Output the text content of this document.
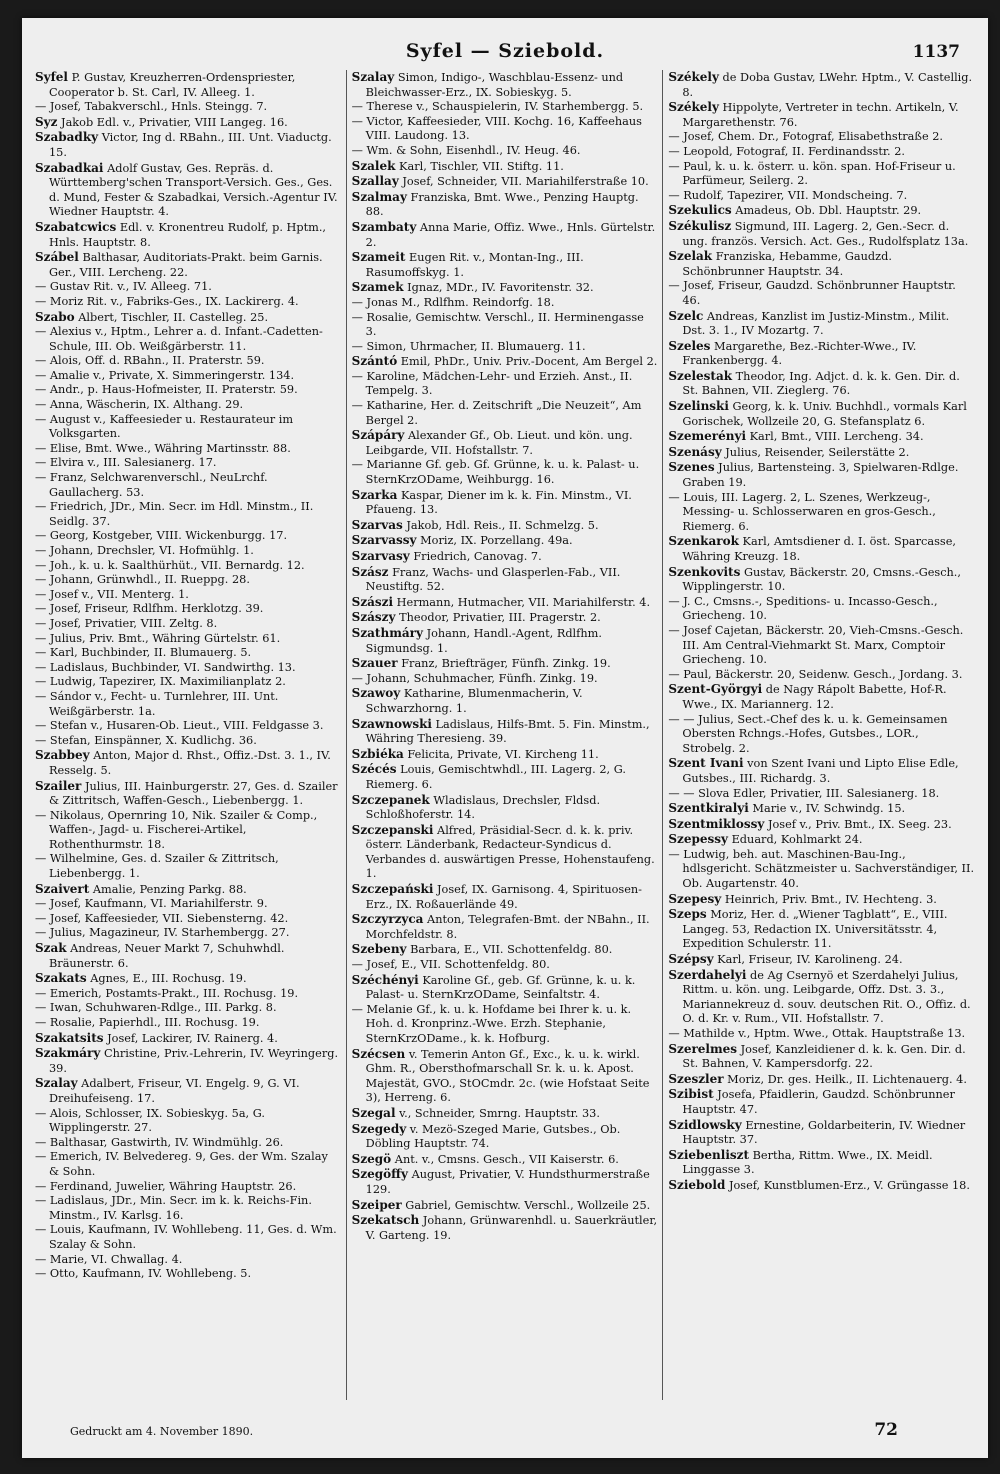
Syfel — Sziebold.	1137

Syfel P. Gustav, Kreuzherren-Ordenspriester, Cooperator b. St. Carl, IV. Alleeg. 1.

— Josef, Tabakverschl., Hnls. Steingg. 7.

Syz Jakob Edl. v., Privatier, VIII Langeg. 16.

Szabadky Victor, Ing d. RBahn., III. Unt. Viaductg. 15.

Szabadkai Adolf Gustav, Ges. Repräs. d. Württemberg'schen Transport-Versich. Ges., Ges. d. Mund, Fester & Szabadkai, Versich.-Agentur IV. Wiedner Hauptstr. 4.

Szabatcwics Edl. v. Kronentreu Rudolf, p. Hptm., Hnls. Hauptstr. 8.

Szábel Balthasar, Auditoriats-Prakt. beim Garnis. Ger., VIII. Lercheng. 22.

— Gustav Rit. v., IV. Alleeg. 71.

— Moriz Rit. v., Fabriks-Ges., IX. Lackirerg. 4.

Szabo Albert, Tischler, II. Castelleg. 25.

— Alexius v., Hptm., Lehrer a. d. Infant.-Cadetten-Schule, III. Ob. Weißgärberstr. 11.

— Alois, Off. d. RBahn., II. Praterstr. 59.

— Amalie v., Private, X. Simmeringerstr. 134.

— Andr., p. Haus-Hofmeister, II. Praterstr. 59.

— Anna, Wäscherin, IX. Althang. 29.

— August v., Kaffeesieder u. Restaurateur im Volksgarten.

— Elise, Bmt. Wwe., Währing Martinsstr. 88.

— Elvira v., III. Salesianerg. 17.

— Franz, Selchwarenverschl., NeuLrchf. Gaullacherg. 53.

— Friedrich, JDr., Min. Secr. im Hdl. Minstm., II. Seidlg. 37.

— Georg, Kostgeber, VIII. Wickenburgg. 17.

— Johann, Drechsler, VI. Hofmühlg. 1.

— Joh., k. u. k. Saalthürhüt., VII. Bernardg. 12.

— Johann, Grünwhdl., II. Rueppg. 28.

— Josef v., VII. Menterg. 1.

— Josef, Friseur, Rdlfhm. Herklotzg. 39.

— Josef, Privatier, VIII. Zeltg. 8.

— Julius, Priv. Bmt., Währing Gürtelstr. 61.

— Karl, Buchbinder, II. Blumauerg. 5.

— Ladislaus, Buchbinder, VI. Sandwirthg. 13.

— Ludwig, Tapezirer, IX. Maximilianplatz 2.

— Sándor v., Fecht- u. Turnlehrer, III. Unt. Weißgärberstr. 1a.

— Stefan v., Husaren-Ob. Lieut., VIII. Feldgasse 3.

— Stefan, Einspänner, X. Kudlichg. 36.

Szabbey Anton, Major d. Rhst., Offiz.-Dst. 3. 1., IV. Resselg. 5.

Szailer Julius, III. Hainburgerstr. 27, Ges. d. Szailer & Zittritsch, Waffen-Gesch., Liebenbergg. 1.

— Nikolaus, Opernring 10, Nik. Szailer & Comp., Waffen-, Jagd- u. Fischerei-Artikel, Rothenthurmstr. 18.

— Wilhelmine, Ges. d. Szailer & Zittritsch, Liebenbergg. 1.

Szaivert Amalie, Penzing Parkg. 88.

— Josef, Kaufmann, VI. Mariahilferstr. 9.

— Josef, Kaffeesieder, VII. Siebensterng. 42.

— Julius, Magazineur, IV. Starhembergg. 27.

Szak Andreas, Neuer Markt 7, Schuhwhdl. Bräunerstr. 6.

Szakats Agnes, E., III. Rochusg. 19.

— Emerich, Postamts-Prakt., III. Rochusg. 19.

— Iwan, Schuhwaren-Rdlge., III. Parkg. 8.

— Rosalie, Papierhdl., III. Rochusg. 19.

Szakatsits Josef, Lackirer, IV. Rainerg. 4.

Szakmáry Christine, Priv.-Lehrerin, IV. Weyringerg. 39.

Szalay Adalbert, Friseur, VI. Engelg. 9, G. VI. Dreihufeiseng. 17.

— Alois, Schlosser, IX. Sobieskyg. 5a, G. Wipplingerstr. 27.

— Balthasar, Gastwirth, IV. Windmühlg. 26.

— Emerich, IV. Belvedereg. 9, Ges. der Wm. Szalay & Sohn.

— Ferdinand, Juwelier, Währing Hauptstr. 26.

— Ladislaus, JDr., Min. Secr. im k. k. Reichs-Fin. Minstm., IV. Karlsg. 16.

— Louis, Kaufmann, IV. Wohllebeng. 11, Ges. d. Wm. Szalay & Sohn.

— Marie, VI. Chwallag. 4.

— Otto, Kaufmann, IV. Wohllebeng. 5.

Szalay Simon, Indigo-, Waschblau-Essenz- und Bleichwasser-Erz., IX. Sobieskyg. 5.

— Therese v., Schauspielerin, IV. Starhembergg. 5.

— Victor, Kaffeesieder, VIII. Kochg. 16, Kaffeehaus VIII. Laudong. 13.

— Wm. & Sohn, Eisenhdl., IV. Heug. 46.

Szalek Karl, Tischler, VII. Stiftg. 11.

Szallay Josef, Schneider, VII. Mariahilferstraße 10.

Szalmay Franziska, Bmt. Wwe., Penzing Hauptg. 88.

Szambaty Anna Marie, Offiz. Wwe., Hnls. Gürtelstr. 2.

Szameit Eugen Rit. v., Montan-Ing., III. Rasumoffskyg. 1.

Szamek Ignaz, MDr., IV. Favoritenstr. 32.

— Jonas M., Rdlfhm. Reindorfg. 18.

— Rosalie, Gemischtw. Verschl., II. Herminengasse 3.

— Simon, Uhrmacher, II. Blumauerg. 11.

Szántó Emil, PhDr., Univ. Priv.-Docent, Am Bergel 2.

— Karoline, Mädchen-Lehr- und Erzieh. Anst., II. Tempelg. 3.

— Katharine, Her. d. Zeitschrift „Die Neuzeit“, Am Bergel 2.

Szápáry Alexander Gf., Ob. Lieut. und kön. ung. Leibgarde, VII. Hofstallstr. 7.

— Marianne Gf. geb. Gf. Grünne, k. u. k. Palast- u. SternKrzODame, Weihburgg. 16.

Szarka Kaspar, Diener im k. k. Fin. Minstm., VI. Pfaueng. 13.

Szarvas Jakob, Hdl. Reis., II. Schmelzg. 5.

Szarvassy Moriz, IX. Porzellang. 49a.

Szarvasy Friedrich, Canovag. 7.

Szász Franz, Wachs- und Glasperlen-Fab., VII. Neustiftg. 52.

Szászi Hermann, Hutmacher, VII. Mariahilferstr. 4.

Szászy Theodor, Privatier, III. Pragerstr. 2.

Szathmáry Johann, Handl.-Agent, Rdlfhm. Sigmundsg. 1.

Szauer Franz, Briefträger, Fünfh. Zinkg. 19.

— Johann, Schuhmacher, Fünfh. Zinkg. 19.

Szawoy Katharine, Blumenmacherin, V. Schwarzhorng. 1.

Szawnowski Ladislaus, Hilfs-Bmt. 5. Fin. Minstm., Währing Theresieng. 39.

Szbiéka Felicita, Private, VI. Kircheng 11.

Szécés Louis, Gemischtwhdl., III. Lagerg. 2, G. Riemerg. 6.

Szczepanek Wladislaus, Drechsler, Fldsd. Schloßhoferstr. 14.

Szczepanski Alfred, Präsidial-Secr. d. k. k. priv. österr. Länderbank, Redacteur-Syndicus d. Verbandes d. auswärtigen Presse, Hohenstaufeng. 1.

Szczepański Josef, IX. Garnisong. 4, Spirituosen-Erz., IX. Roßauerlände 49.

Szczyrzyca Anton, Telegrafen-Bmt. der NBahn., II. Morchfeldstr. 8.

Szebeny Barbara, E., VII. Schottenfeldg. 80.

— Josef, E., VII. Schottenfeldg. 80.

Széchényi Karoline Gf., geb. Gf. Grünne, k. u. k. Palast- u. SternKrzODame, Seinfaltstr. 4.

— Melanie Gf., k. u. k. Hofdame bei Ihrer k. u. k. Hoh. d. Kronprinz.-Wwe. Erzh. Stephanie, SternKrzODame., k. k. Hofburg.

Szécsen v. Temerin Anton Gf., Exc., k. u. k. wirkl. Ghm. R., Obersthofmarschall Sr. k. u. k. Apost. Majestät, GVO., StOCmdr. 2c. (wie Hofstaat Seite 3), Herreng. 6.

Szegal v., Schneider, Smrng. Hauptstr. 33.

Szegedy v. Mezö-Szeged Marie, Gutsbes., Ob. Döbling Hauptstr. 74.

Szegö Ant. v., Cmsns. Gesch., VII Kaiserstr. 6.

Szegöffy August, Privatier, V. Hundsthurmerstraße 129.

Szeiper Gabriel, Gemischtw. Verschl., Wollzeile 25.

Szekatsch Johann, Grünwarenhdl. u. Sauerkräutler, V. Garteng. 19.

Székely de Doba Gustav, LWehr. Hptm., V. Castellig. 8.

Székely Hippolyte, Vertreter in techn. Artikeln, V. Margarethenstr. 76.

— Josef, Chem. Dr., Fotograf, Elisabethstraße 2.

— Leopold, Fotograf, II. Ferdinandsstr. 2.

— Paul, k. u. k. österr. u. kön. span. Hof-Friseur u. Parfümeur, Seilerg. 2.

— Rudolf, Tapezirer, VII. Mondscheing. 7.

Szekulics Amadeus, Ob. Dbl. Hauptstr. 29.

Székulisz Sigmund, III. Lagerg. 2, Gen.-Secr. d. ung. französ. Versich. Act. Ges., Rudolfsplatz 13a.

Szelak Franziska, Hebamme, Gaudzd. Schönbrunner Hauptstr. 34.

— Josef, Friseur, Gaudzd. Schönbrunner Hauptstr. 46.

Szelc Andreas, Kanzlist im Justiz-Minstm., Milit. Dst. 3. 1., IV Mozartg. 7.

Szeles Margarethe, Bez.-Richter-Wwe., IV. Frankenbergg. 4.

Szelestak Theodor, Ing. Adjct. d. k. k. Gen. Dir. d. St. Bahnen, VII. Zieglerg. 76.

Szelinski Georg, k. k. Univ. Buchhdl., vormals Karl Gorischek, Wollzeile 20, G. Stefansplatz 6.

Szemerényi Karl, Bmt., VIII. Lercheng. 34.

Szenásy Julius, Reisender, Seilerstätte 2.

Szenes Julius, Bartensteing. 3, Spielwaren-Rdlge. Graben 19.

— Louis, III. Lagerg. 2, L. Szenes, Werkzeug-, Messing- u. Schlosserwaren en gros-Gesch., Riemerg. 6.

Szenkarok Karl, Amtsdiener d. I. öst. Sparcasse, Währing Kreuzg. 18.

Szenkovits Gustav, Bäckerstr. 20, Cmsns.-Gesch., Wipplingerstr. 10.

— J. C., Cmsns.-, Speditions- u. Incasso-Gesch., Griecheng. 10.

— Josef Cajetan, Bäckerstr. 20, Vieh-Cmsns.-Gesch. III. Am Central-Viehmarkt St. Marx, Comptoir Griecheng. 10.

— Paul, Bäckerstr. 20, Seidenw. Gesch., Jordang. 3.

Szent-Györgyi de Nagy Rápolt Babette, Hof-R. Wwe., IX. Mariannerg. 12.

— — Julius, Sect.-Chef des k. u. k. Gemeinsamen Obersten Rchngs.-Hofes, Gutsbes., LOR., Strobelg. 2.

Szent Ivani von Szent Ivani und Lipto Elise Edle, Gutsbes., III. Richardg. 3.

— — Slova Edler, Privatier, III. Salesianerg. 18.

Szentkiralyi Marie v., IV. Schwindg. 15.

Szentmiklossy Josef v., Priv. Bmt., IX. Seeg. 23.

Szepessy Eduard, Kohlmarkt 24.

— Ludwig, beh. aut. Maschinen-Bau-Ing., hdlsgericht. Schätzmeister u. Sachverständiger, II. Ob. Augartenstr. 40.

Szepesy Heinrich, Priv. Bmt., IV. Hechteng. 3.

Szeps Moriz, Her. d. „Wiener Tagblatt“, E., VIII. Langeg. 53, Redaction IX. Universitätsstr. 4, Expedition Schulerstr. 11.

Szépsy Karl, Friseur, IV. Karolineng. 24.

Szerdahelyi de Ag Csernyö et Szerdahelyi Julius, Rittm. u. kön. ung. Leibgarde, Offz. Dst. 3. 3., Mariannekreuz d. souv. deutschen Rit. O., Offiz. d. O. d. Kr. v. Rum., VII. Hofstallstr. 7.

— Mathilde v., Hptm. Wwe., Ottak. Hauptstraße 13.

Szerelmes Josef, Kanzleidiener d. k. k. Gen. Dir. d. St. Bahnen, V. Kampersdorfg. 22.

Szeszler Moriz, Dr. ges. Heilk., II. Lichtenauerg. 4.

Szibist Josefa, Pfaidlerin, Gaudzd. Schönbrunner Hauptstr. 47.

Szidlowsky Ernestine, Goldarbeiterin, IV. Wiedner Hauptstr. 37.

Sziebenliszt Bertha, Rittm. Wwe., IX. Meidl. Linggasse 3.

Sziebold Josef, Kunstblumen-Erz., V. Grüngasse 18.

Gedruckt am 4. November 1890.	72
